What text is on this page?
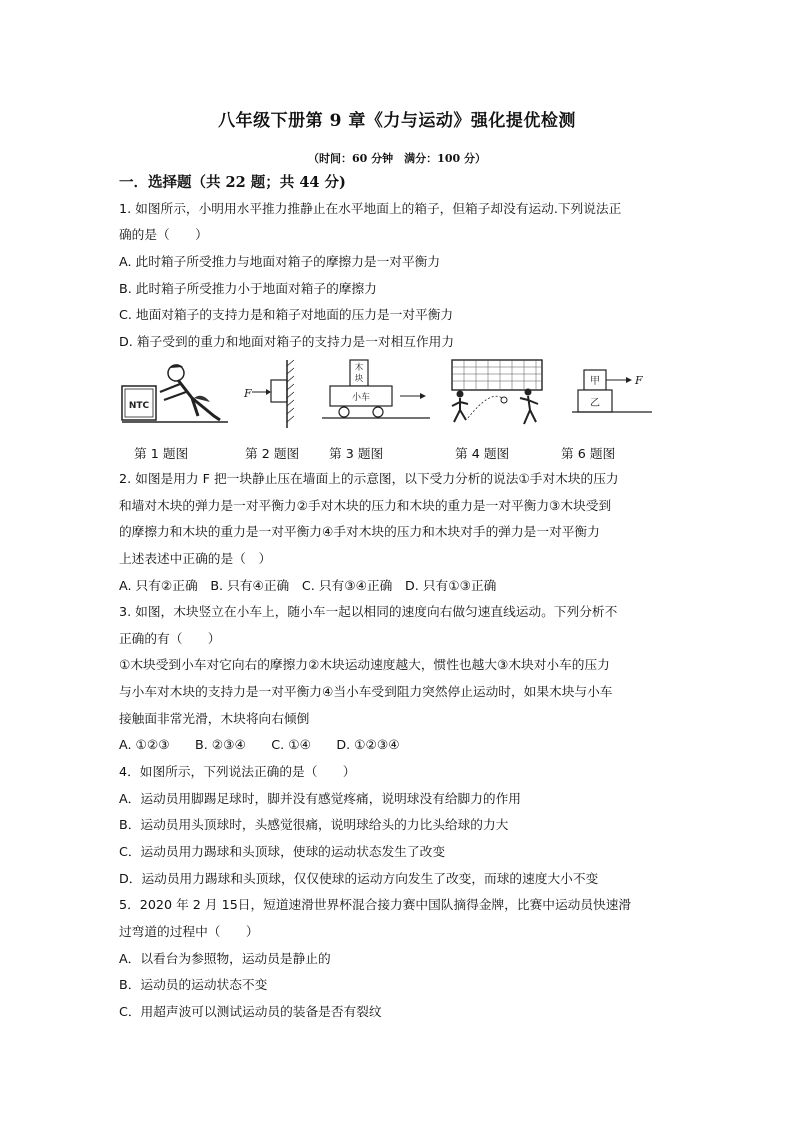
八年级下册第 9 章《力与运动》强化提优检测
（时间：60 分钟　满分：100 分）
一．选择题（共 22 题；共 44 分)
1. 如图所示，小明用水平推力推静止在水平地面上的箱子，但箱子却没有运动.下列说法正
确的是（　　）
A. 此时箱子所受推力与地面对箱子的摩擦力是一对平衡力
B. 此时箱子所受推力小于地面对箱子的摩擦力
C. 地面对箱子的支持力是和箱子对地面的压力是一对平衡力
D. 箱子受到的重力和地面对箱子的支持力是一对相互作用力
NTC
F
木
块
小车
甲	F
乙
第 1 题图	第 2 题图 第 3 题图	第 4 题图	第 6 题图
2. 如图是用力 F 把一块静止压在墙面上的示意图，以下受力分析的说法①手对木块的压力
和墙对木块的弹力是一对平衡力②手对木块的压力和木块的重力是一对平衡力③木块受到
的摩擦力和木块的重力是一对平衡力④手对木块的压力和木块对手的弹力是一对平衡力
上述表述中正确的是（　）
A. 只有②正确　B. 只有④正确　C. 只有③④正确　D. 只有①③正确
3. 如图，木块竖立在小车上，随小车一起以相同的速度向右做匀速直线运动。下列分析不
正确的有（　　）
①木块受到小车对它向右的摩擦力②木块运动速度越大，惯性也越大③木块对小车的压力
与小车对木块的支持力是一对平衡力④当小车受到阻力突然停止运动时，如果木块与小车
接触面非常光滑，木块将向右倾倒
A. ①②③　　B. ②③④　　C. ①④　　D. ①②③④
4．如图所示，下列说法正确的是（　　）
A．运动员用脚踢足球时，脚并没有感觉疼痛，说明球没有给脚力的作用
B．运动员用头顶球时，头感觉很痛，说明球给头的力比头给球的力大
C．运动员用力踢球和头顶球，使球的运动状态发生了改变
D．运动员用力踢球和头顶球，仅仅使球的运动方向发生了改变，而球的速度大小不变
5．2020 年 2 月 15日，短道速滑世界杯混合接力赛中国队摘得金牌，比赛中运动员快速滑
过弯道的过程中（　　）
A．以看台为参照物，运动员是静止的
B．运动员的运动状态不变
C．用超声波可以测试运动员的装备是否有裂纹
